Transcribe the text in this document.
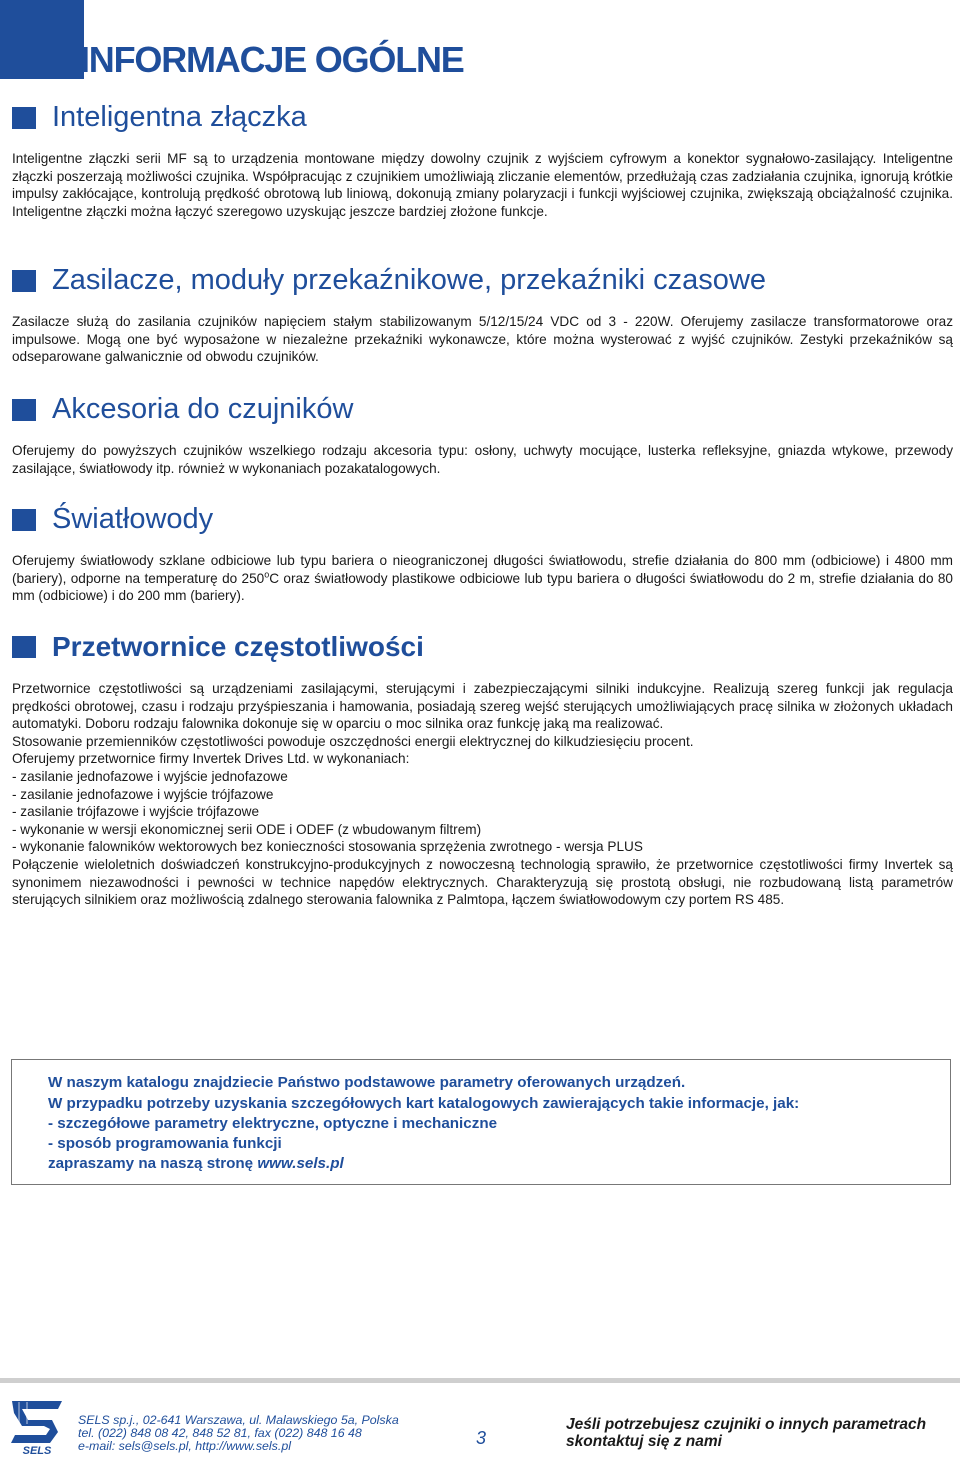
INFORMACJE OGÓLNE
Inteligentna złączka

Inteligentne złączki serii MF są to urządzenia montowane między dowolny czujnik z wyjściem cyfrowym a konektor sygnałowo-zasilający. Inteligentne złączki poszerzają możliwości czujnika. Współpracując z czujnikiem umożliwiają zliczanie elementów, przedłużają czas zadziałania czujnika, ignorują krótkie impulsy zakłócające, kontrolują prędkość obrotową lub liniową, dokonują zmiany polaryzacji i funkcji wyjściowej czujnika, zwiększają obciążalność czujnika. Inteligentne złączki można łączyć szeregowo uzyskując jeszcze bardziej złożone funkcje.

Zasilacze, moduły przekaźnikowe, przekaźniki czasowe

Zasilacze służą do zasilania czujników napięciem stałym stabilizowanym 5/12/15/24 VDC od 3 - 220W. Oferujemy zasilacze transformatorowe oraz impulsowe. Mogą one być wyposażone w niezależne przekaźniki wykonawcze, które można wysterować z wyjść czujników. Zestyki przekaźników są odseparowane galwanicznie od obwodu czujników.

Akcesoria do czujników

Oferujemy do powyższych czujników wszelkiego rodzaju akcesoria typu: osłony, uchwyty mocujące, lusterka refleksyjne, gniazda wtykowe, przewody zasilające, światłowody itp. również w wykonaniach pozakatalogowych.

Światłowody

Oferujemy światłowody szklane odbiciowe lub typu bariera o nieograniczonej długości światłowodu, strefie działania do 800 mm (odbiciowe) i 4800 mm (bariery), odporne na temperaturę do 250$^o$C oraz światłowody plastikowe odbiciowe lub typu bariera o długości światłowodu do 2 m, strefie działania do 80 mm (odbiciowe) i do 200 mm (bariery).

Przetwornice częstotliwości

Przetwornice częstotliwości są urządzeniami zasilającymi, sterującymi i zabezpieczającymi silniki indukcyjne. Realizują szereg funkcji jak regulacja prędkości obrotowej, czasu i rodzaju przyśpieszania i hamowania, posiadają szereg wejść sterujących umożliwiających pracę silnika w złożonych układach automatyki. Doboru rodzaju falownika dokonuje się w oparciu o moc silnika oraz funkcję jaką ma realizować.

Stosowanie przemienników częstotliwości powoduje oszczędności energii elektrycznej do kilkudziesięciu procent.

Oferujemy przetwornice firmy Invertek Drives Ltd. w wykonaniach:

- zasilanie jednofazowe i wyjście jednofazowe

- zasilanie jednofazowe i wyjście trójfazowe

- zasilanie trójfazowe i wyjście trójfazowe

- wykonanie w wersji ekonomicznej serii ODE i ODEF (z wbudowanym filtrem)

- wykonanie falowników wektorowych bez konieczności stosowania sprzężenia zwrotnego - wersja PLUS

Połączenie wieloletnich doświadczeń konstrukcyjno-produkcyjnych z nowoczesną technologią sprawiło, że przetwornice częstotliwości firmy Invertek są synonimem niezawodności i pewności w technice napędów elektrycznych. Charakteryzują się prostotą obsługi, nie rozbudowaną listą parametrów sterujących silnikiem oraz możliwością zdalnego sterowania falownika z Palmtopa, łączem światłowodowym czy portem RS 485.

W naszym katalogu znajdziecie Państwo podstawowe parametry oferowanych urządzeń.

W przypadku potrzeby uzyskania szczegółowych kart katalogowych zawierających takie informacje, jak:

- szczegółowe parametry elektryczne, optyczne i mechaniczne

- sposób programowania funkcji

zapraszamy na naszą stronę www.sels.pl

SELS

SELS sp.j., 02-641 Warszawa, ul. Malawskiego 5a, Polska

tel. (022) 848 08 42, 848 52 81, fax (022) 848 16 48

e-mail: sels@sels.pl, http://www.sels.pl	3

Jeśli potrzebujesz czujniki o innych parametrach

skontaktuj się z nami
